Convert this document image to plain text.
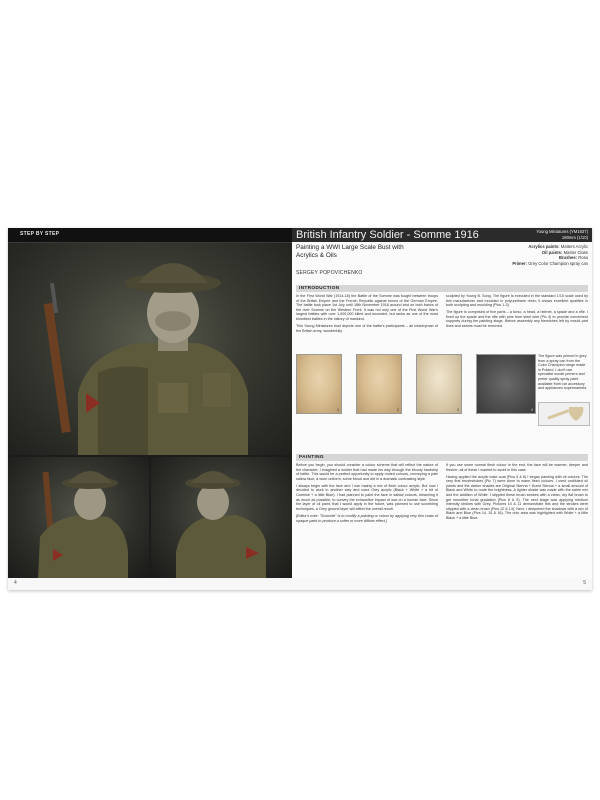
STEP BY STEP
4
British Infantry Soldier - Somme 1916	Young Miniatures (YM1837)
180mm (1/10)
Painting a WWI Large Scale Bust with Acrylics & Oils
SERGEY POPOVICHENKO
Acrylics paints: Matters Acrylic
Oil paints: Master Class
Brushes: Rosa
Primer: Grey Color Champion spray can
INTRODUCTION

In the First World War (1914-18) the Battle of the Somme was fought between troops of the British Empire and the French Republic against forces of the German Empire. The battle took place 1st July until 18th November 1916 around and on both banks of the river Somme on the Western Front. It was not only one of the First World War's largest battles with over 1,000,000 killed and wounded, but ranks as one of the most bloodiest battles in the history of mankind.

This Young Miniatures bust depicts one of the battle's participants – an infantryman of the British army, wonderfully

sculpted by Young B. Song. The figure is executed in the standard 1/10 scale used by this manufacturer and moulded in polyurethane resin; it shows excellent qualities in both sculpting and moulding (Pics 1-3).

The figure is comprised of five parts – a torso, a head, a helmet, a spade and a rifle. I fixed up the spade and the rifle with pins from steel wire (Pic 4) to provide convenient supports during the painting stage. Before assembly any blemishes left by mould part lines and seams must be removed.

1	2	3	4
The figure was primed in grey from a spray can from the Color Champion range made in Poland. I don't use specialist model primers and prefer quality spray paint available from car accessory and appliances supermarkets.
PAINTING

Before you begin, you should consider a colour scheme that will reflect the nature of the character. I imagined a soldier that had made his way through the bloody hardship of battle. This would be a perfect opportunity to apply muted colours, conveying a pale sallow face, a worn uniform, some blood and dirt in a dramatic contrasting style.

I always begin with the face and I use mainly a mix of flesh colour acrylic. But now I decided to work in another way and used Grey acrylic (Black + White + a bit of Carmine + a little Blue). I had planned to paint the face in sallow colours, bleaching it as much as possible, to convey the exhaustive impact of war on a human face. Since the layer of oil paint, that I would apply in the future, was planned to use scumbling techniques, a Grey ground layer will affect the overall result.

[Editor's note: "Scumble" is to modify a painting or colour by applying very thin coats of opaque paint to produce a softer or more diffuse effect.]

If you use some normal flesh colour in the end, the face will be warmer, deeper and fresher; all of these I wanted to avoid in this case.

Having applied the acrylic base coat (Pics 5 & 6) I began painting with oil colours. The very first brushstrokes (Pic 7) were done to warm flesh colours. I used undiluted oil paints and the darker shades are Original Sienna + Burnt Sienna + a small amount of Black and White to mute the brightness. A lighter shade was made with the same mix and the addition of White. I stippled these brush strokes with a clean, dry flat brush to get smoother tonal gradation (Pics 8 & 9). The next stage was applying medium intensity strokes with Grey. Pictures 10 & 11 demonstrate this and the strokes were stippled with a clean brush (Pics 12 & 13). Next, I deepened the shadows with a mix of Black and Blue (Pics 14, 15 & 16). The chin area was highlighted with White + a little Black + a little Blue.

5
